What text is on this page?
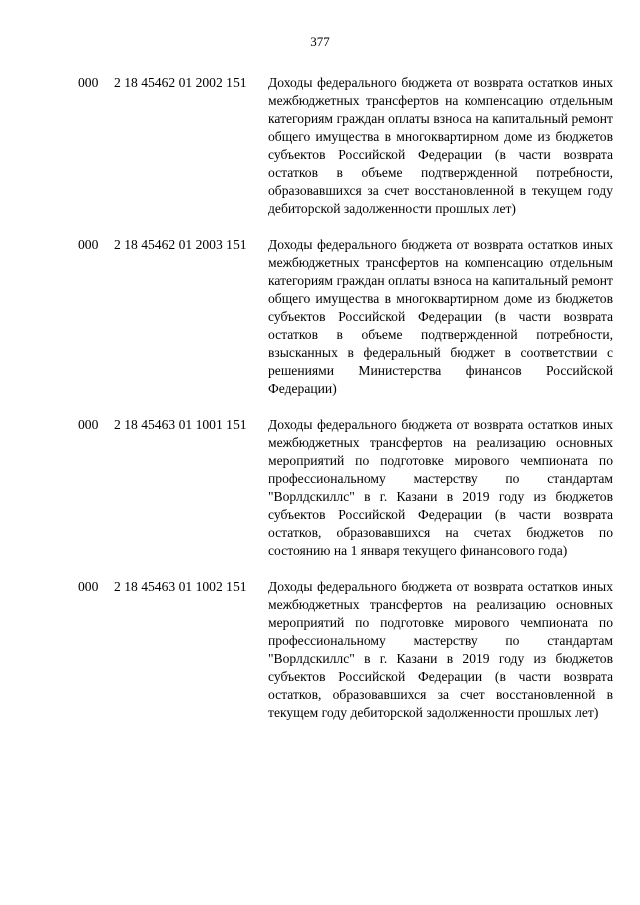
377
000	2 18 45462 01 2002 151	Доходы федерального бюджета от возврата остатков иных межбюджетных трансфертов на компенсацию отдельным категориям граждан оплаты взноса на капитальный ремонт общего имущества в многоквартирном доме из бюджетов субъектов Российской Федерации (в части возврата остатков в объеме подтвержденной потребности, образовавшихся за счет восстановленной в текущем году дебиторской задолженности прошлых лет)
000	2 18 45462 01 2003 151	Доходы федерального бюджета от возврата остатков иных межбюджетных трансфертов на компенсацию отдельным категориям граждан оплаты взноса на капитальный ремонт общего имущества в многоквартирном доме из бюджетов субъектов Российской Федерации (в части возврата остатков в объеме подтвержденной потребности, взысканных в федеральный бюджет в соответствии с решениями Министерства финансов Российской Федерации)
000	2 18 45463 01 1001 151	Доходы федерального бюджета от возврата остатков иных межбюджетных трансфертов на реализацию основных мероприятий по подготовке мирового чемпионата по профессиональному мастерству по стандартам "Ворлдскиллс" в г. Казани в 2019 году из бюджетов субъектов Российской Федерации (в части возврата остатков, образовавшихся на счетах бюджетов по состоянию на 1 января текущего финансового года)
000	2 18 45463 01 1002 151	Доходы федерального бюджета от возврата остатков иных межбюджетных трансфертов на реализацию основных мероприятий по подготовке мирового чемпионата по профессиональному мастерству по стандартам "Ворлдскиллс" в г. Казани в 2019 году из бюджетов субъектов Российской Федерации (в части возврата остатков, образовавшихся за счет восстановленной в текущем году дебиторской задолженности прошлых лет)
